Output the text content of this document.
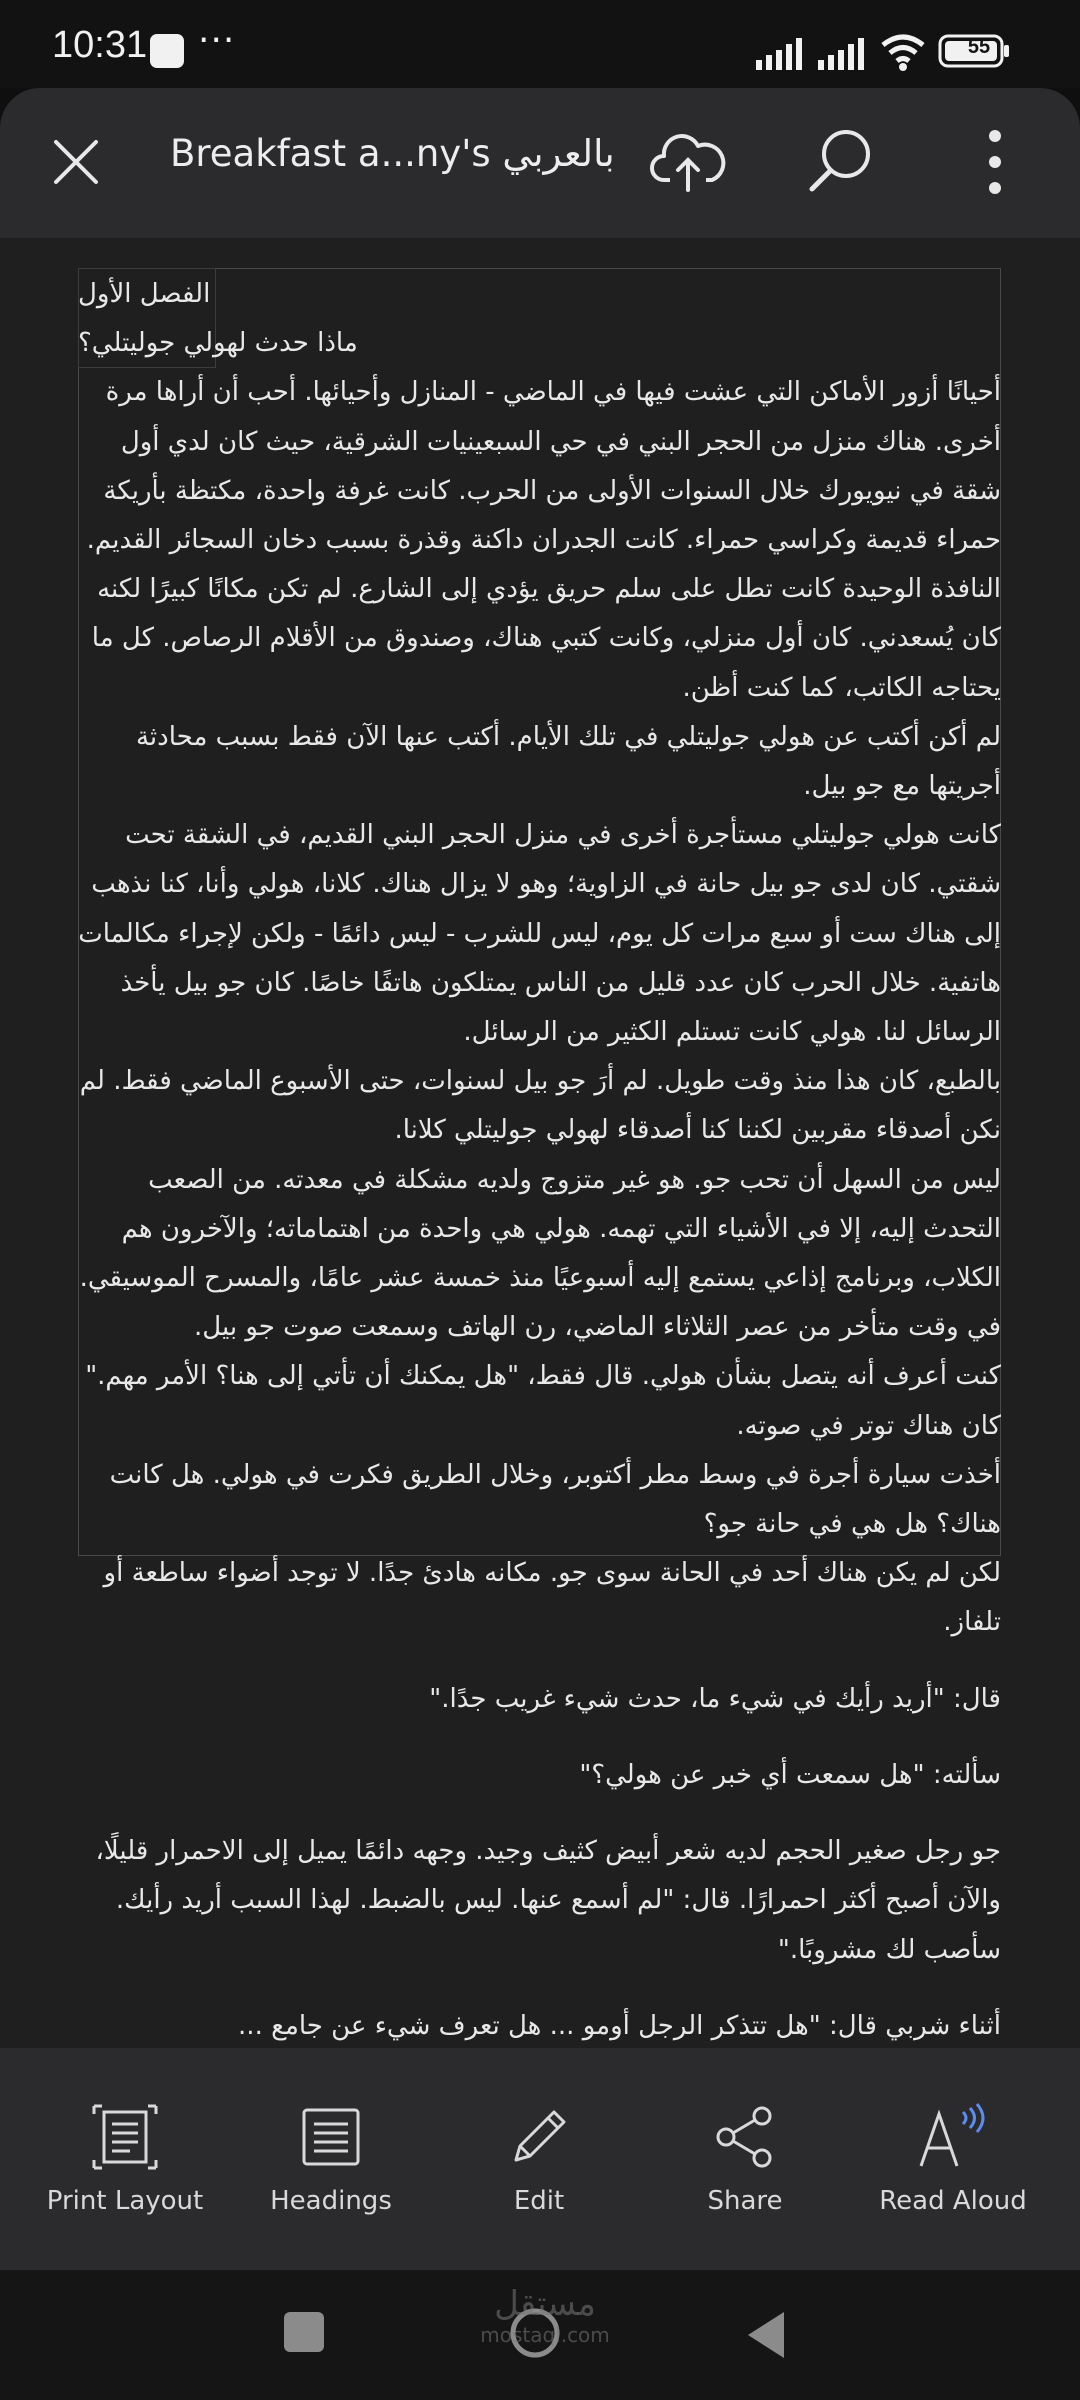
10:31 ···	55
Breakfast a...ny's بالعربي

الفصل الأول

ماذا حدث لهولي جوليتلي؟

أحيانًا أزور الأماكن التي عشت فيها في الماضي - المنازل وأحيائها. أحب أن أراها مرة أخرى. هناك منزل من الحجر البني في حي السبعينيات الشرقية، حيث كان لدي أول شقة في نيويورك خلال السنوات الأولى من الحرب. كانت غرفة واحدة، مكتظة بأريكة حمراء قديمة وكراسي حمراء. كانت الجدران داكنة وقذرة بسبب دخان السجائر القديم. النافذة الوحيدة كانت تطل على سلم حريق يؤدي إلى الشارع. لم تكن مكانًا كبيرًا لكنه كان يُسعدني. كان أول منزلي، وكانت كتبي هناك، وصندوق من الأقلام الرصاص. كل ما يحتاجه الكاتب، كما كنت أظن.

لم أكن أكتب عن هولي جوليتلي في تلك الأيام. أكتب عنها الآن فقط بسبب محادثة أجريتها مع جو بيل.

كانت هولي جوليتلي مستأجرة أخرى في منزل الحجر البني القديم، في الشقة تحت شقتي. كان لدى جو بيل حانة في الزاوية؛ وهو لا يزال هناك. كلانا، هولي وأنا، كنا نذهب إلى هناك ست أو سبع مرات كل يوم، ليس للشرب - ليس دائمًا - ولكن لإجراء مكالمات هاتفية. خلال الحرب كان عدد قليل من الناس يمتلكون هاتفًا خاصًا. كان جو بيل يأخذ الرسائل لنا. هولي كانت تستلم الكثير من الرسائل.

بالطبع، كان هذا منذ وقت طويل. لم أرَ جو بيل لسنوات، حتى الأسبوع الماضي فقط. لم نكن أصدقاء مقربين لكننا كنا أصدقاء لهولي جوليتلي كلانا.

ليس من السهل أن تحب جو. هو غير متزوج ولديه مشكلة في معدته. من الصعب التحدث إليه، إلا في الأشياء التي تهمه. هولي هي واحدة من اهتماماته؛ والآخرون هم الكلاب، وبرنامج إذاعي يستمع إليه أسبوعيًا منذ خمسة عشر عامًا، والمسرح الموسيقي.

في وقت متأخر من عصر الثلاثاء الماضي، رن الهاتف وسمعت صوت جو بيل.

كنت أعرف أنه يتصل بشأن هولي. قال فقط، "هل يمكنك أن تأتي إلى هنا؟ الأمر مهم." كان هناك توتر في صوته.

أخذت سيارة أجرة في وسط مطر أكتوبر، وخلال الطريق فكرت في هولي. هل كانت هناك؟ هل هي في حانة جو؟

لكن لم يكن هناك أحد في الحانة سوى جو. مكانه هادئ جدًا. لا توجد أضواء ساطعة أو تلفاز.

قال: "أريد رأيك في شيء ما، حدث شيء غريب جدًا."

سألته: "هل سمعت أي خبر عن هولي؟"

جو رجل صغير الحجم لديه شعر أبيض كثيف وجيد. وجهه دائمًا يميل إلى الاحمرار قليلًا، والآن أصبح أكثر احمرارًا. قال: "لم أسمع عنها. ليس بالضبط. لهذا السبب أريد رأيك. سأصب لك مشروبًا."

أثناء شربي قال: "هل تتذكر الرجل أومو ... هل تعرف شيء عن جامع ...

Print Layout	Headings	Edit	Share	Read Aloud
مستقل
mostaql.com
